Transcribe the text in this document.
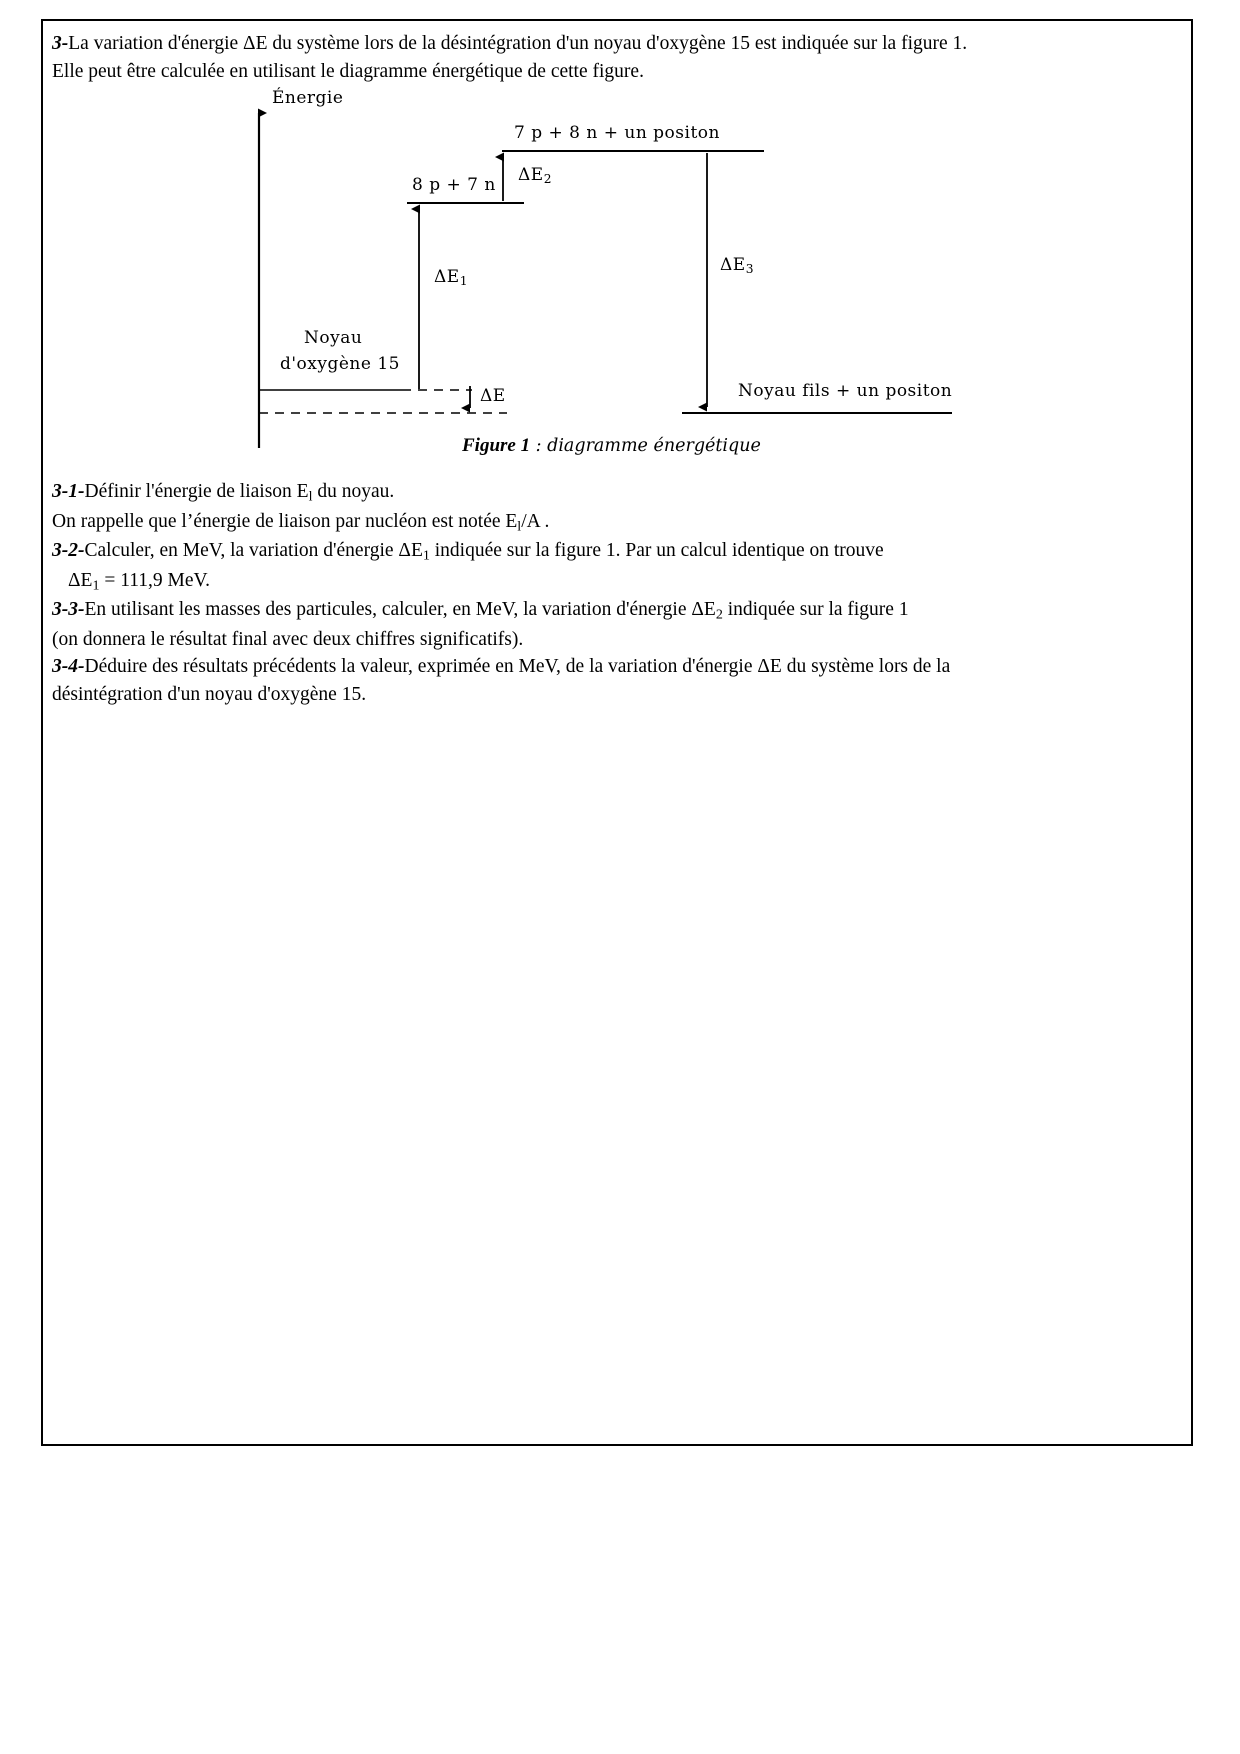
3-La variation d'énergie ΔE du système lors de la désintégration d'un noyau d'oxygène 15 est indiquée sur la figure 1.
Elle peut être calculée en utilisant le diagramme énergétique de cette figure.
Énergie
7 p + 8 n + un positon
8 p + 7 n $\Delta E_2$
$\Delta E_1$
$\Delta E_3$
ΔE
Noyau
d'oxygène 15
Noyau fils + un positon
Figure 1 : diagramme énergétique

3-1-Définir l'énergie de liaison $E_l$ du noyau.

On rappelle que l’énergie de liaison par nucléon est notée $E_l/A$ .

3-2-Calculer, en MeV, la variation d'énergie $\Delta E_1$ indiquée sur la figure 1. Par un calcul identique on trouve

$\Delta E_1 = 111,9$ MeV.

3-3-En utilisant les masses des particules, calculer, en MeV, la variation d'énergie $\Delta E_2$ indiquée sur la figure 1

(on donnera le résultat final avec deux chiffres significatifs).

3-4-Déduire des résultats précédents la valeur, exprimée en MeV, de la variation d'énergie ΔE du système lors de la

désintégration d'un noyau d'oxygène 15.
